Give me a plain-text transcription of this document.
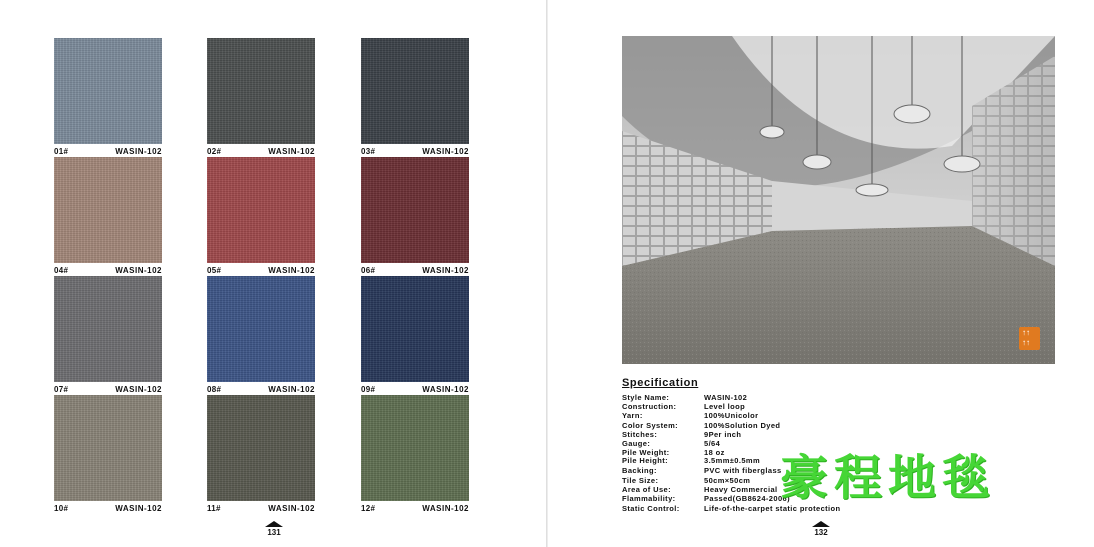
01#	WASIN-102	02#	WASIN-102	03#	WASIN-102
04#	WASIN-102	05#	WASIN-102	06#	WASIN-102
07#	WASIN-102	08#	WASIN-102	09#	WASIN-102
10#	WASIN-102	11#	WASIN-102	12#	WASIN-102
131
↑↑
↑↑
Specification
Style Name:	WASIN-102
Construction:	Level loop
Yarn:	100%Unicolor
Color System:	100%Solution Dyed
Stitches:	9Per inch
Gauge:	5/64
Pile Weight:	18 oz
Pile Height:	3.5mm±0.5mm
Backing:	PVC with fiberglass
Tile Size:	50cm×50cm
Area of Use:	Heavy Commercial
Flammability:	Passed(GB8624-2006)
Static Control:	Life-of-the-carpet static protection
豪程地毯
132
